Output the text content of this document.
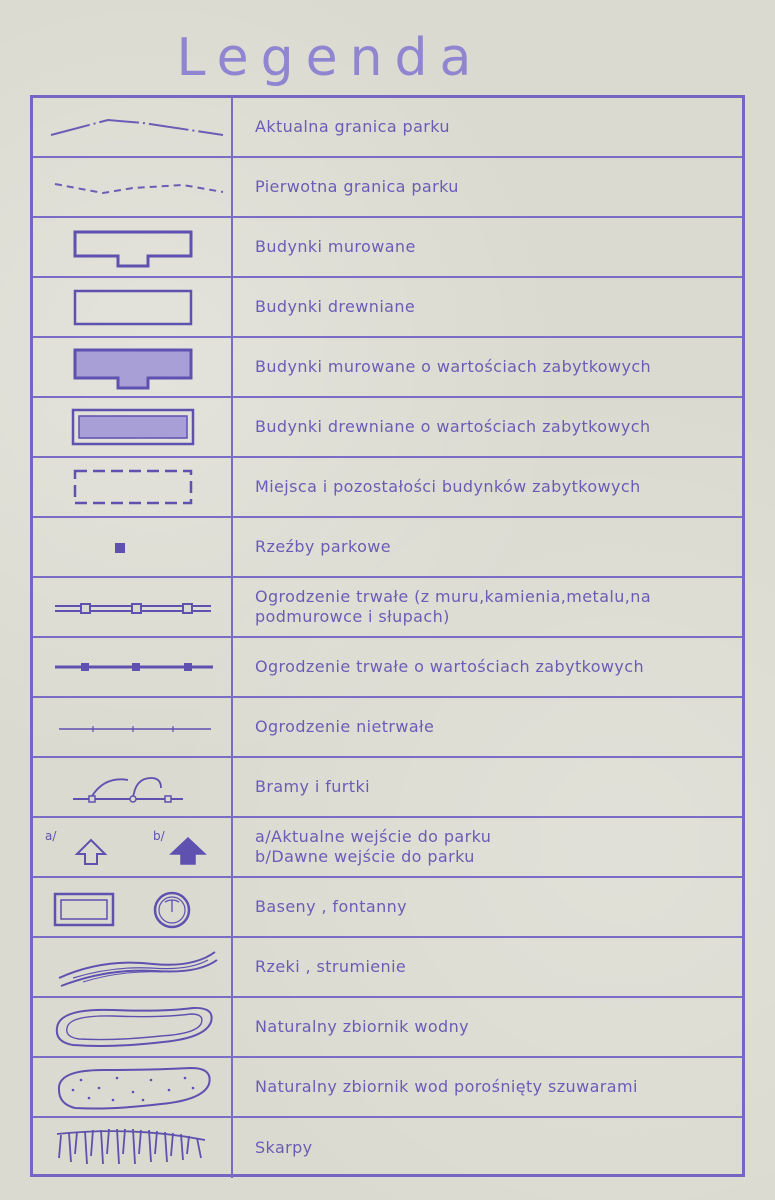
Legenda
Aktualna granica parku
Pierwotna granica parku
Budynki murowane
Budynki drewniane
Budynki murowane o wartościach zabytkowych
Budynki drewniane o wartościach zabytkowych
Miejsca i pozostałości budynków zabytkowych
Rzeźby parkowe
Ogrodzenie trwałe (z muru,kamienia,metalu,na
podmurowce i słupach)
Ogrodzenie trwałe o wartościach zabytkowych
Ogrodzenie nietrwałe
Bramy i furtki
a/	b/	a/Aktualne wejście do parku
b/Dawne wejście do parku
Baseny , fontanny
Rzeki , strumienie
Naturalny zbiornik wodny
Naturalny zbiornik wod porośnięty szuwarami
Skarpy
